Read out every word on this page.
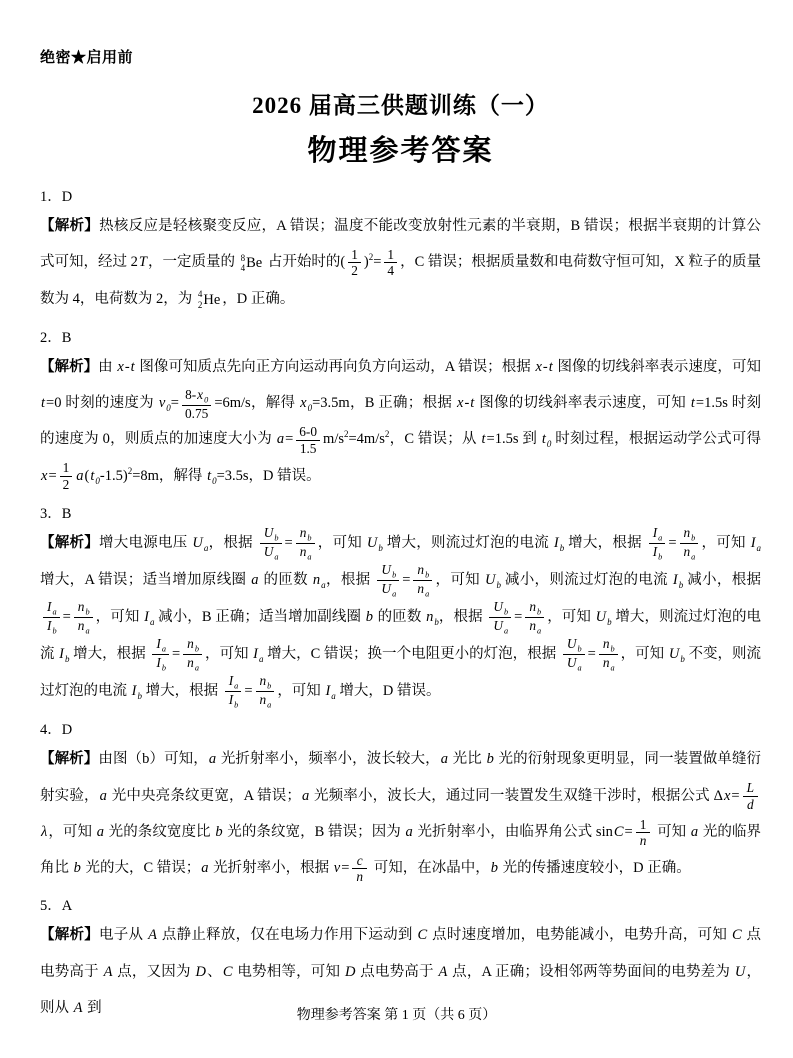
绝密★启用前
2026 届高三供题训练（一）
物理参考答案
1．D

【解析】热核反应是轻核聚变反应，A 错误；温度不能改变放射性元素的半衰期，B 错误；根据半衰期的计算公式可知，经过 2T，一定质量的 8
4 Be 占开始时的( $\frac{1}{2} )^2= \frac{1}{4}$ ，C 错误；根据质量数和电荷数守恒可知，X 粒子的质量数为 4，电荷数为 2，为 4
2 He ，D 正确。

2．B

【解析】由 x-t 图像可知质点先向正方向运动再向负方向运动，A 错误；根据 x-t 图像的切线斜率表示速度，可知 t=0 时刻的速度为 $v_0= \frac{8-x_0}{0.75} =6m/s$，解得 $x_0=3.5m$，B 正确；根据 x-t 图像的切线斜率表示速度，可知 t=1.5s 时刻的速度为 0，则质点的加速度大小为 $a= \frac{6-0}{1.5} m/s^2=4m/s^2$，C 错误；从 t=1.5s 到 $t_0$ 时刻过程，根据运动学公式可得 $x= \frac{1}{2} a(t_0-1.5)^2=8m$，解得 $t_0=3.5s$，D 错误。

3．B

【解析】增大电源电压 $U_a$，根据 $\frac{U_b}{U_a} = \frac{n_b}{n_a}$ ，可知 $U_b$ 增大，则流过灯泡的电流 $I_b$ 增大，根据 $\frac{I_a}{I_b} = \frac{n_b}{n_a}$ ，可知 $I_a$ 增大，A 错误；适当增加原线圈 a 的匝数 $n_a$，根据 $\frac{U_b}{U_a} = \frac{n_b}{n_a}$ ，可知 $U_b$ 减小，则流过灯泡的电流 $I_b$ 减小，根据
$\frac{I_a}{I_b} = \frac{n_b}{n_a}$ ，可知 $I_a$ 减小，B 正确；适当增加副线圈 b 的匝数 $n_b$，根据 $\frac{U_b}{U_a} = \frac{n_b}{n_a}$ ，可知 $U_b$ 增大，则流过灯泡的电流 $I_b$ 增大，根据 $\frac{I_a}{I_b} = \frac{n_b}{n_a}$ ，可知 $I_a$ 增大，C 错误；换一个电阻更小的灯泡，根据 $\frac{U_b}{U_a} = \frac{n_b}{n_a}$ ，可知 $U_b$ 不变，则流过灯泡的电流 $I_b$ 增大，根据 $\frac{I_a}{I_b} = \frac{n_b}{n_a}$ ，可知 $I_a$ 增大，D 错误。

4．D

【解析】由图（b）可知，a 光折射率小，频率小，波长较大，a 光比 b 光的衍射现象更明显，同一装置做单缝衍射实验，a 光中央亮条纹更宽，A 错误；a 光频率小，波长大，通过同一装置发生双缝干涉时，根据公式 $\Delta x= \frac{L}{d}$
λ，可知 a 光的条纹宽度比 b 光的条纹宽，B 错误；因为 a 光折射率小，由临界角公式 $\sin C= \frac{1}{n}$ 可知 a 光的临界角比 b 光的大，C 错误；a 光折射率小，根据 $v= \frac{c}{n}$ 可知，在冰晶中，b 光的传播速度较小，D 正确。

5．A

【解析】电子从 A 点静止释放，仅在电场力作用下运动到 C 点时速度增加，电势能减小，电势升高，可知 C 点电势高于 A 点，又因为 D、C 电势相等，可知 D 点电势高于 A 点，A 正确；设相邻两等势面间的电势差为 U，则从 A 到	物理参考答案 第 1 页（共 6 页）
